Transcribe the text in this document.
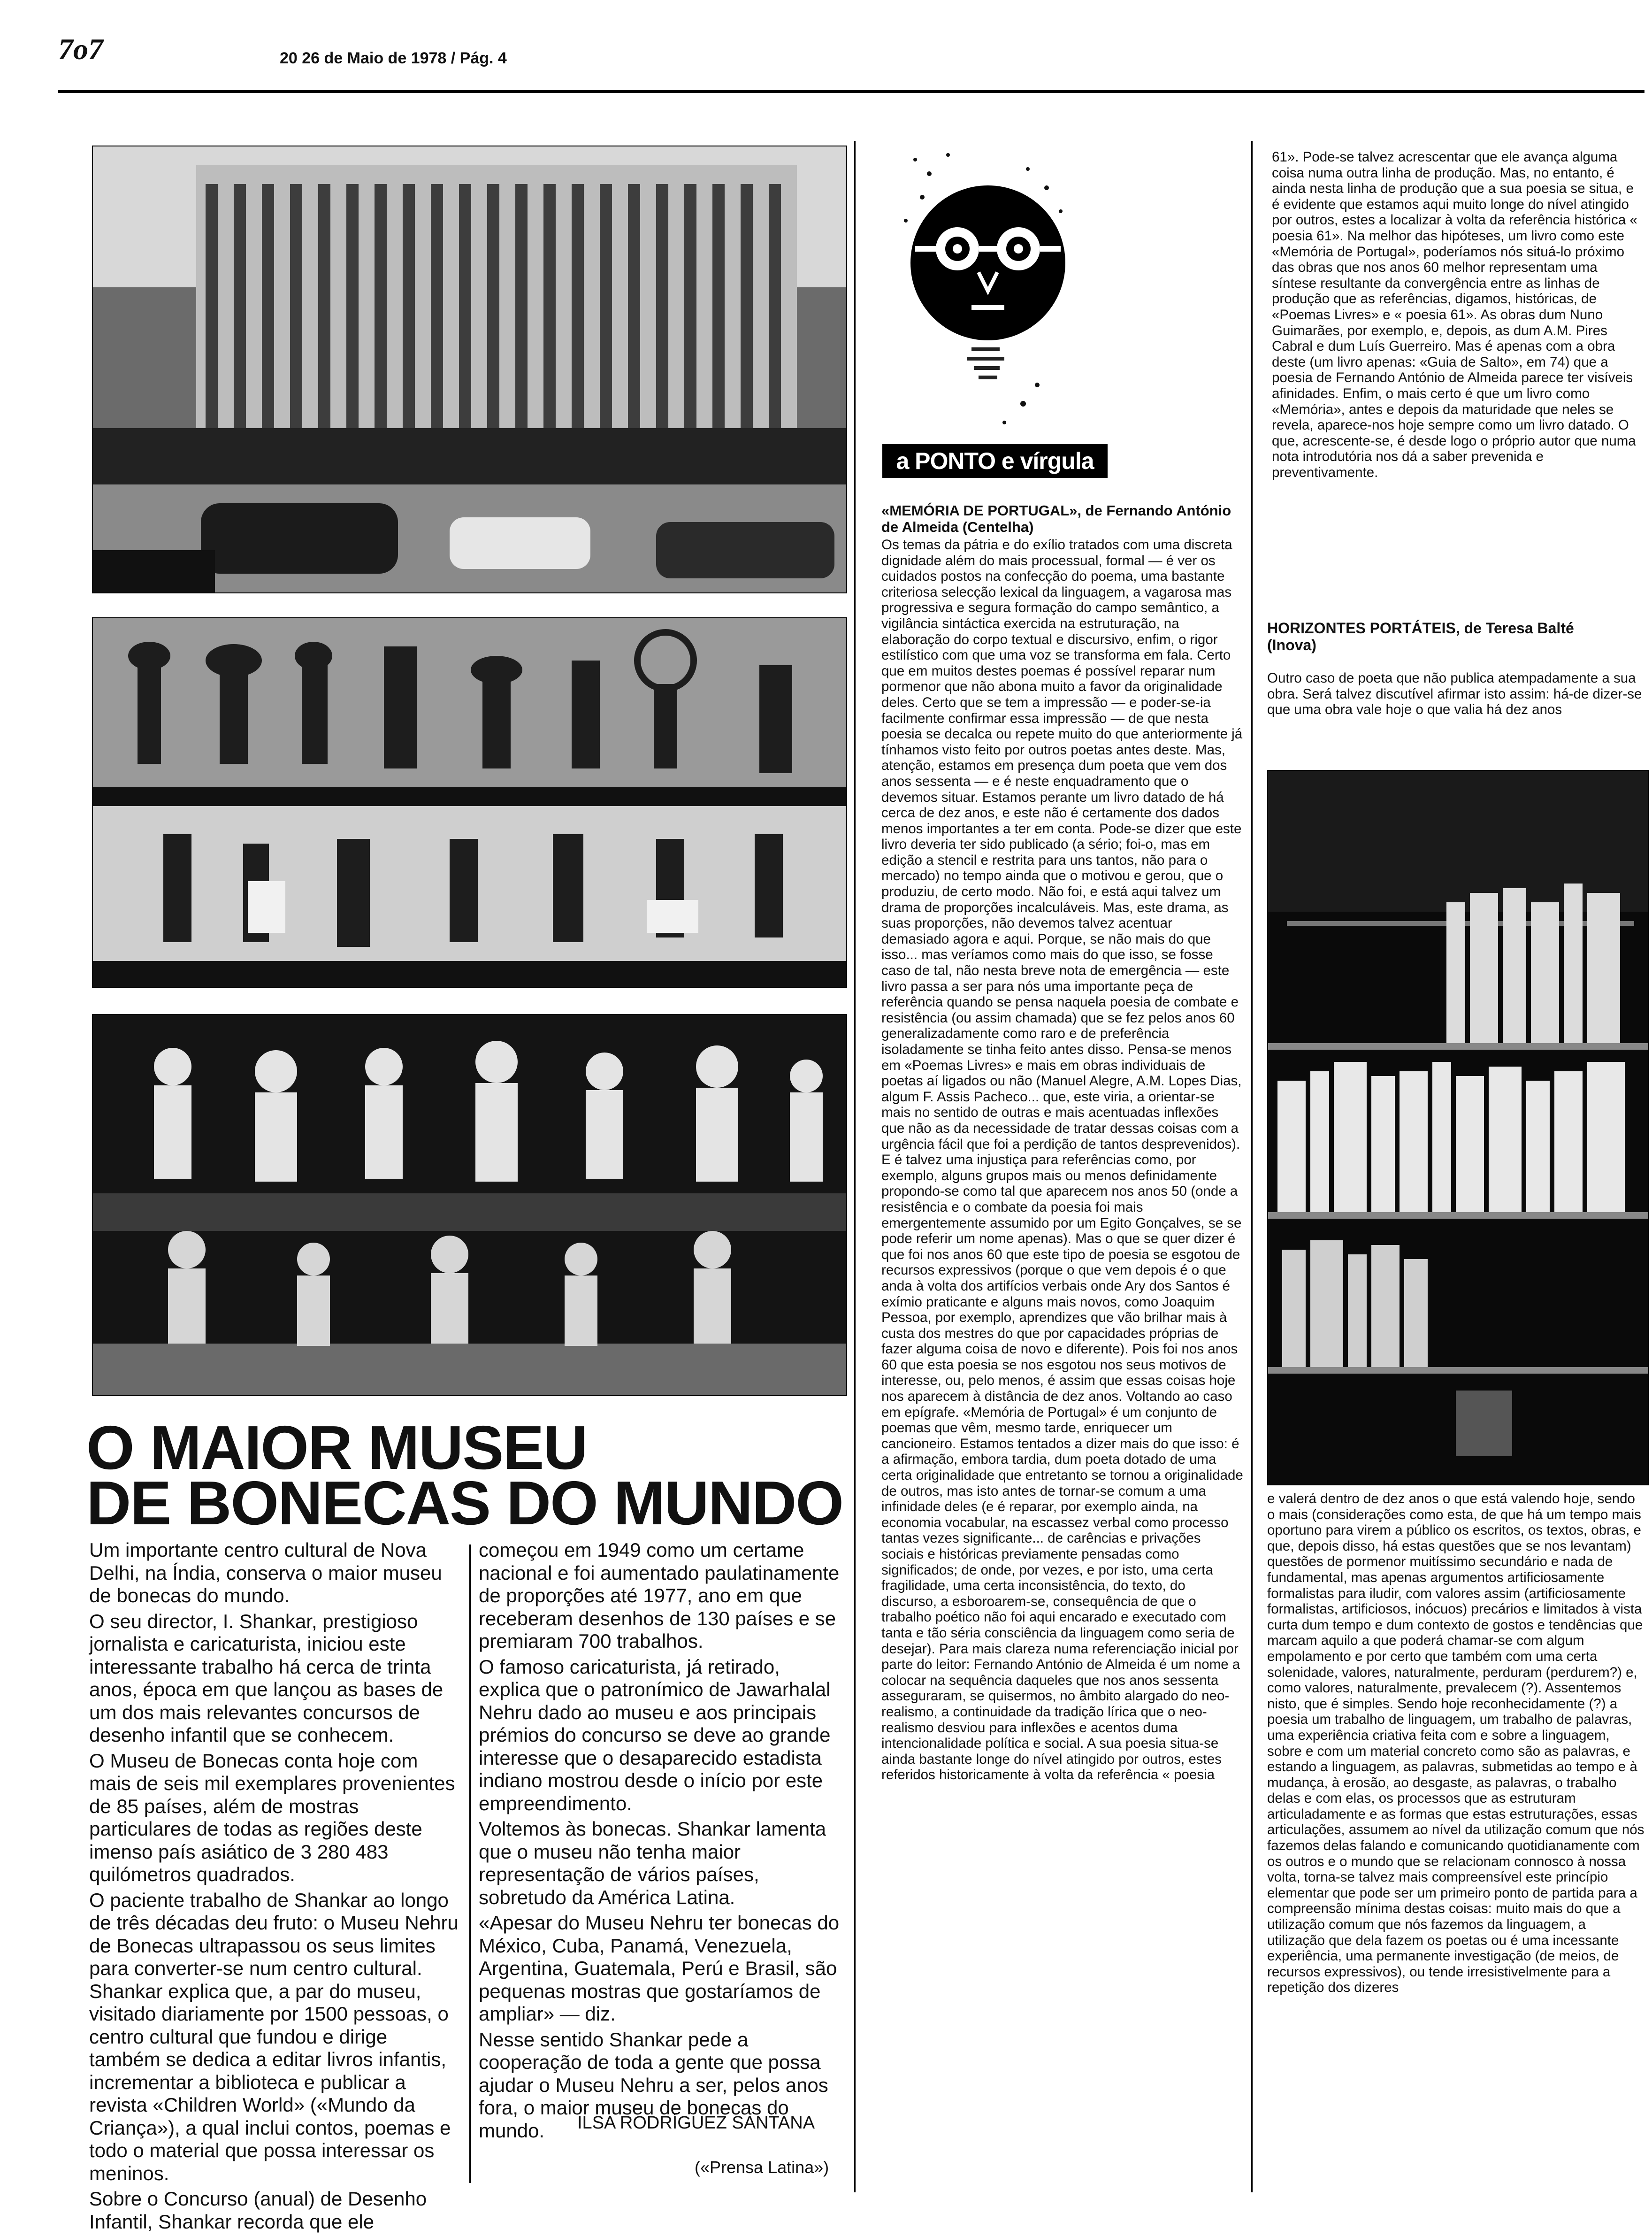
7o7	20 26 de Maio de 1978 / Pág. 4
O MAIOR MUSEU
DE BONECAS DO MUNDO

Um importante centro cultural de Nova Delhi, na Índia, conserva o maior museu de bonecas do mundo.

O seu director, I. Shankar, prestigioso jornalista e caricaturista, iniciou este interessante trabalho há cerca de trinta anos, época em que lançou as bases de um dos mais relevantes concursos de desenho infantil que se conhecem.

O Museu de Bonecas conta hoje com mais de seis mil exemplares provenientes de 85 países, além de mostras particulares de todas as regiões deste imenso país asiático de 3 280 483 quilómetros quadrados.

O paciente trabalho de Shankar ao longo de três décadas deu fruto: o Museu Nehru de Bonecas ultrapassou os seus limites para converter-se num centro cultural. Shankar explica que, a par do museu, visitado diariamente por 1500 pessoas, o centro cultural que fundou e dirige também se dedica a editar livros infantis, incrementar a biblioteca e publicar a revista «Children World» («Mundo da Criança»), a qual inclui contos, poemas e todo o material que possa interessar os meninos.

Sobre o Concurso (anual) de Desenho Infantil, Shankar recorda que ele

começou em 1949 como um certame nacional e foi aumentado paulatinamente de proporções até 1977, ano em que receberam desenhos de 130 países e se premiaram 700 trabalhos.

O famoso caricaturista, já retirado, explica que o patronímico de Jawarhalal Nehru dado ao museu e aos principais prémios do concurso se deve ao grande interesse que o desaparecido estadista indiano mostrou desde o início por este empreendimento.

Voltemos às bonecas. Shankar lamenta que o museu não tenha maior representação de vários países, sobretudo da América Latina.

«Apesar do Museu Nehru ter bonecas do México, Cuba, Panamá, Venezuela, Argentina, Guatemala, Perú e Brasil, são pequenas mostras que gostaríamos de ampliar» — diz.

Nesse sentido Shankar pede a cooperação de toda a gente que possa ajudar o Museu Nehru a ser, pelos anos fora, o maior museu de bonecas do mundo.	ILSA RODRÍGUEZ SANTANA
(«Prensa Latina»)
a PONTO e vírgula
«MEMÓRIA DE PORTUGAL», de Fernando António de Almeida (Centelha)
Os temas da pátria e do exílio tratados com uma discreta dignidade além do mais processual, formal — é ver os cuidados postos na confecção do poema, uma bastante criteriosa selecção lexical da linguagem, a vagarosa mas progressiva e segura formação do campo semântico, a vigilância sintáctica exercida na estruturação, na elaboração do corpo textual e discursivo, enfim, o rigor estilístico com que uma voz se transforma em fala. Certo que em muitos destes poemas é possível reparar num pormenor que não abona muito a favor da originalidade deles. Certo que se tem a impressão — e poder-se-ia facilmente confirmar essa impressão — de que nesta poesia se decalca ou repete muito do que anteriormente já tínhamos visto feito por outros poetas antes deste. Mas, atenção, estamos em presença dum poeta que vem dos anos sessenta — e é neste enquadramento que o devemos situar. Estamos perante um livro datado de há cerca de dez anos, e este não é certamente dos dados menos importantes a ter em conta. Pode-se dizer que este livro deveria ter sido publicado (a sério; foi-o, mas em edição a stencil e restrita para uns tantos, não para o mercado) no tempo ainda que o motivou e gerou, que o produziu, de certo modo. Não foi, e está aqui talvez um drama de proporções incalculáveis. Mas, este drama, as suas proporções, não devemos talvez acentuar demasiado agora e aqui. Porque, se não mais do que isso... mas veríamos como mais do que isso, se fosse caso de tal, não nesta breve nota de emergência — este livro passa a ser para nós uma importante peça de referência quando se pensa naquela poesia de combate e resistência (ou assim chamada) que se fez pelos anos 60 generalizadamente como raro e de preferência isoladamente se tinha feito antes disso. Pensa-se menos em «Poemas Livres» e mais em obras individuais de poetas aí ligados ou não (Manuel Alegre, A.M. Lopes Dias, algum F. Assis Pacheco... que, este viria, a orientar-se mais no sentido de outras e mais acentuadas inflexões que não as da necessidade de tratar dessas coisas com a urgência fácil que foi a perdição de tantos desprevenidos). E é talvez uma injustiça para referências como, por exemplo, alguns grupos mais ou menos definidamente propondo-se como tal que aparecem nos anos 50 (onde a resistência e o combate da poesia foi mais emergentemente assumido por um Egito Gonçalves, se se pode referir um nome apenas). Mas o que se quer dizer é que foi nos anos 60 que este tipo de poesia se esgotou de recursos expressivos (porque o que vem depois é o que anda à volta dos artifícios verbais onde Ary dos Santos é exímio praticante e alguns mais novos, como Joaquim Pessoa, por exemplo, aprendizes que vão brilhar mais à custa dos mestres do que por capacidades próprias de fazer alguma coisa de novo e diferente). Pois foi nos anos 60 que esta poesia se nos esgotou nos seus motivos de interesse, ou, pelo menos, é assim que essas coisas hoje nos aparecem à distância de dez anos. Voltando ao caso em epígrafe. «Memória de Portugal» é um conjunto de poemas que vêm, mesmo tarde, enriquecer um cancioneiro. Estamos tentados a dizer mais do que isso: é a afirmação, embora tardia, dum poeta dotado de uma certa originalidade que entretanto se tornou a originalidade de outros, mas isto antes de tornar-se comum a uma infinidade deles (e é reparar, por exemplo ainda, na economia vocabular, na escassez verbal como processo tantas vezes significante... de carências e privações sociais e históricas previamente pensadas como significados; de onde, por vezes, e por isto, uma certa fragilidade, uma certa inconsistência, do texto, do discurso, a esboroarem-se, consequência de que o trabalho poético não foi aqui encarado e executado com tanta e tão séria consciência da linguagem como seria de desejar). Para mais clareza numa referenciação inicial por parte do leitor: Fernando António de Almeida é um nome a colocar na sequência daqueles que nos anos sessenta asseguraram, se quisermos, no âmbito alargado do neo-realismo, a continuidade da tradição lírica que o neo-realismo desviou para inflexões e acentos duma intencionalidade política e social. A sua poesia situa-se ainda bastante longe do nível atingido por outros, estes referidos historicamente à volta da referência « poesia
61». Pode-se talvez acrescentar que ele avança alguma coisa numa outra linha de produção. Mas, no entanto, é ainda nesta linha de produção que a sua poesia se situa, e é evidente que estamos aqui muito longe do nível atingido por outros, estes a localizar à volta da referência histórica « poesia 61». Na melhor das hipóteses, um livro como este «Memória de Portugal», poderíamos nós situá-lo próximo das obras que nos anos 60 melhor representam uma síntese resultante da convergência entre as linhas de produção que as referências, digamos, históricas, de «Poemas Livres» e « poesia 61». As obras dum Nuno Guimarães, por exemplo, e, depois, as dum A.M. Pires Cabral e dum Luís Guerreiro. Mas é apenas com a obra deste (um livro apenas: «Guia de Salto», em 74) que a poesia de Fernando António de Almeida parece ter visíveis afinidades. Enfim, o mais certo é que um livro como «Memória», antes e depois da maturidade que neles se revela, aparece-nos hoje sempre como um livro datado. O que, acrescente-se, é desde logo o próprio autor que numa nota introdutória nos dá a saber prevenida e preventivamente.
HORIZONTES PORTÁTEIS, de Teresa Balté (Inova)
Outro caso de poeta que não publica atempadamente a sua obra. Será talvez discutível afirmar isto assim: há-de dizer-se que uma obra vale hoje o que valia há dez anos
e valerá dentro de dez anos o que está valendo hoje, sendo o mais (considerações como esta, de que há um tempo mais oportuno para virem a público os escritos, os textos, obras, e que, depois disso, há estas questões que se nos levantam) questões de pormenor muitíssimo secundário e nada de fundamental, mas apenas argumentos artificiosamente formalistas para iludir, com valores assim (artificiosamente formalistas, artificiosos, inócuos) precários e limitados à vista curta dum tempo e dum contexto de gostos e tendências que marcam aquilo a que poderá chamar-se com algum empolamento e por certo que também com uma certa solenidade, valores, naturalmente, perduram (perdurem?) e, como valores, naturalmente, prevalecem (?). Assentemos nisto, que é simples. Sendo hoje reconhecidamente (?) a poesia um trabalho de linguagem, um trabalho de palavras, uma experiência criativa feita com e sobre a linguagem, sobre e com um material concreto como são as palavras, e estando a linguagem, as palavras, submetidas ao tempo e à mudança, à erosão, ao desgaste, as palavras, o trabalho delas e com elas, os processos que as estruturam articuladamente e as formas que estas estruturações, essas articulações, assumem ao nível da utilização comum que nós fazemos delas falando e comunicando quotidianamente com os outros e o mundo que se relacionam connosco à nossa volta, torna-se talvez mais compreensível este princípio elementar que pode ser um primeiro ponto de partida para a compreensão mínima destas coisas: muito mais do que a utilização comum que nós fazemos da linguagem, a utilização que dela fazem os poetas ou é uma incessante experiência, uma permanente investigação (de meios, de recursos expressivos), ou tende irresistivelmente para a repetição dos dizeres
